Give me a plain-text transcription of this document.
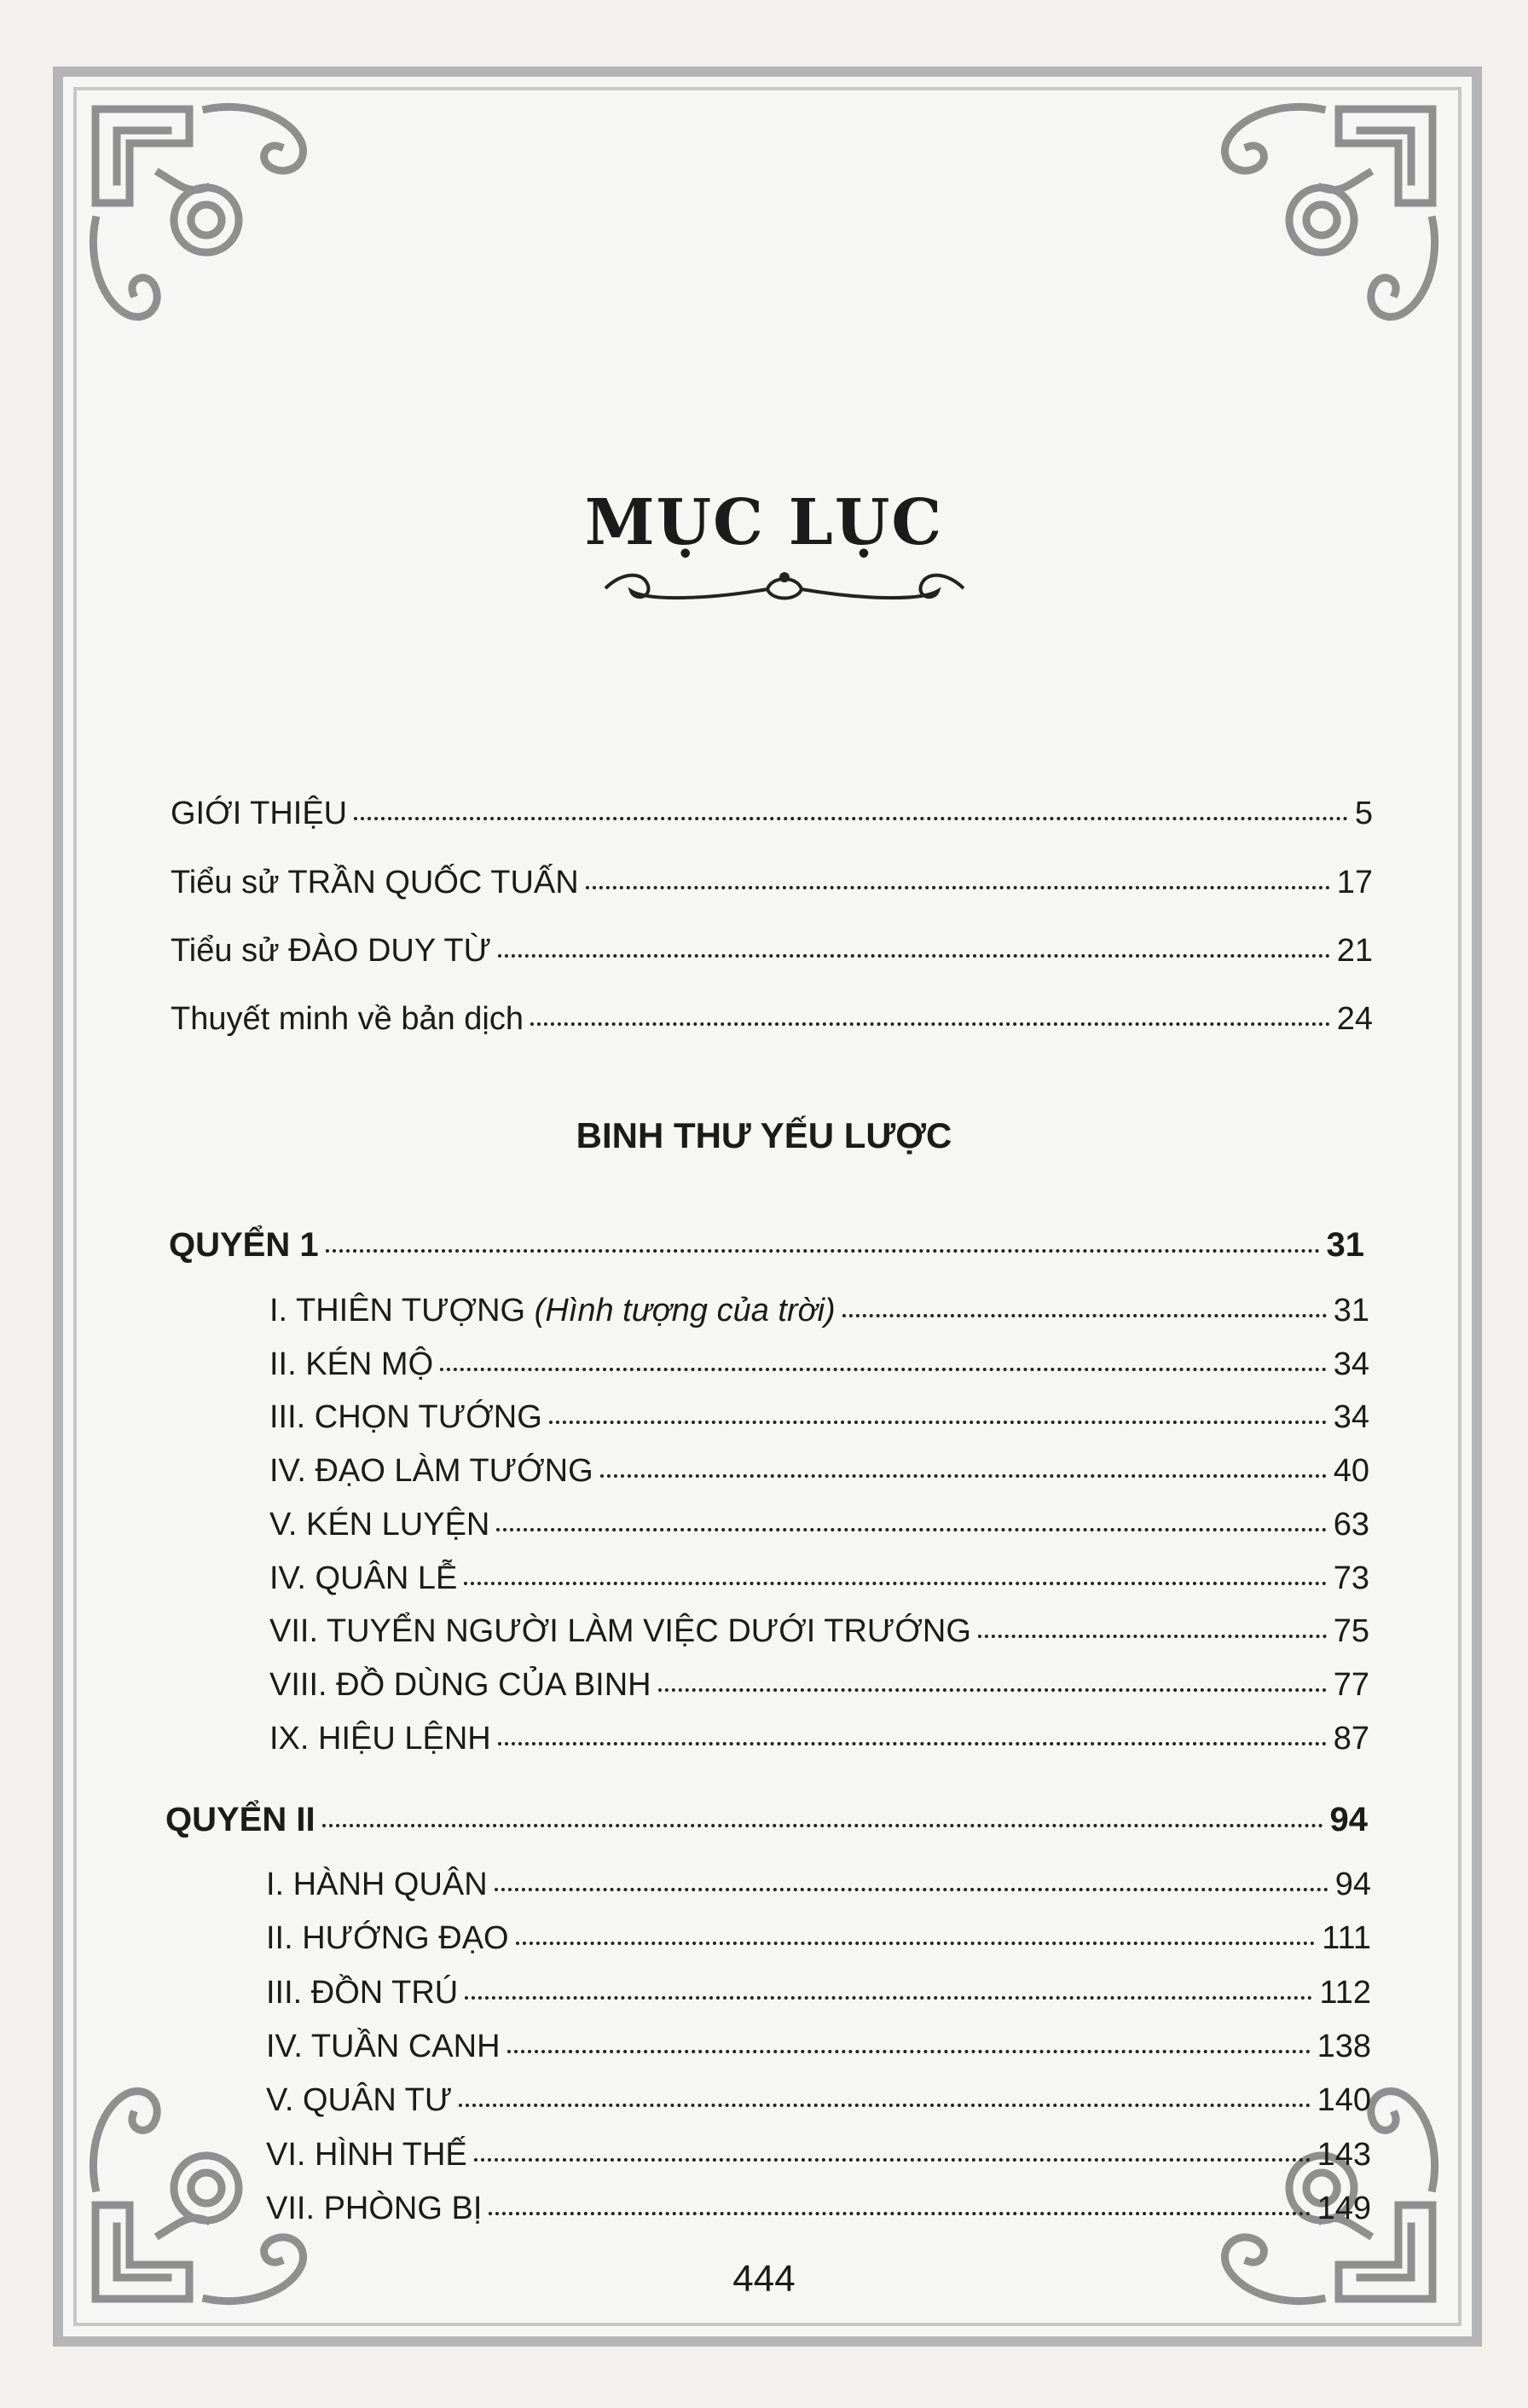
MỤC LỤC
GIỚI THIỆU	5
Tiểu sử TRẦN QUỐC TUẤN	17
Tiểu sử ĐÀO DUY TỪ	21
Thuyết minh về bản dịch	24
BINH THƯ YẾU LƯỢC
QUYỂN 1	31
I. THIÊN TƯỢNG (Hình tượng của trời)	31
II. KÉN MỘ	34
III. CHỌN TƯỚNG	34
IV. ĐẠO LÀM TƯỚNG	40
V. KÉN LUYỆN	63
IV. QUÂN LỄ	73
VII. TUYỂN NGƯỜI LÀM VIỆC DƯỚI TRƯỚNG	75
VIII. ĐỒ DÙNG CỦA BINH	77
IX. HIỆU LỆNH	87
QUYỂN II	94
I. HÀNH QUÂN	94
II. HƯỚNG ĐẠO	111
III. ĐỒN TRÚ	112
IV. TUẦN CANH	138
V. QUÂN TƯ	140
VI. HÌNH THẾ	143
VII. PHÒNG BỊ	149
444
